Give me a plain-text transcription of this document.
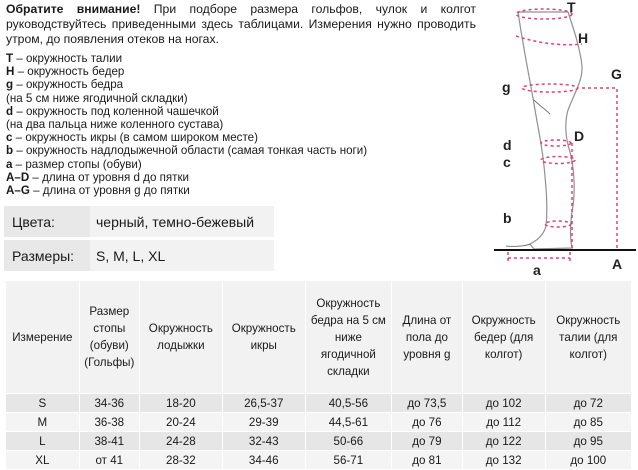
Обратите внимание! При подборе размера гольфов, чулок и колгот руководствуйтесь приведенными здесь таблицами. Измерения нужно проводить утром, до появления отеков на ногах.
T – окружность талии
H – окружность бедер
g – окружность бедра
(на 5 см ниже ягодичной складки)
d – окружность под коленной чашечкой
(на два пальца ниже коленного сустава)
c – окружность икры (в самом широком месте)
b – окружность надлодыжечной области (самая тонкая часть ноги)
a – размер стопы (обуви)
A–D – длина от уровня d до пятки
A–G – длина от уровня g до пятки
Цвета:	черный, темно-бежевый
Размеры:	S, M, L, XL
T
H
G
g
d
D
c
b
A
a
Измерение	Размер стопы (обуви) (Гольфы)	Окружность лодыжки	Окружность икры	Окружность бедра на 5 см ниже ягодичной складки	Длина от пола до уровня g	Окружность бедер (для колгот)	Окружность талии (для колгот)
S	34-36	18-20	26,5-37	40,5-56	до 73,5	до 102	до 72
M	36-38	20-24	29-39	44,5-61	до 76	до 112	до 85
L	38-41	24-28	32-43	50-66	до 79	до 122	до 95
XL	от 41	28-32	34-46	56-71	до 81	до 132	до 100
